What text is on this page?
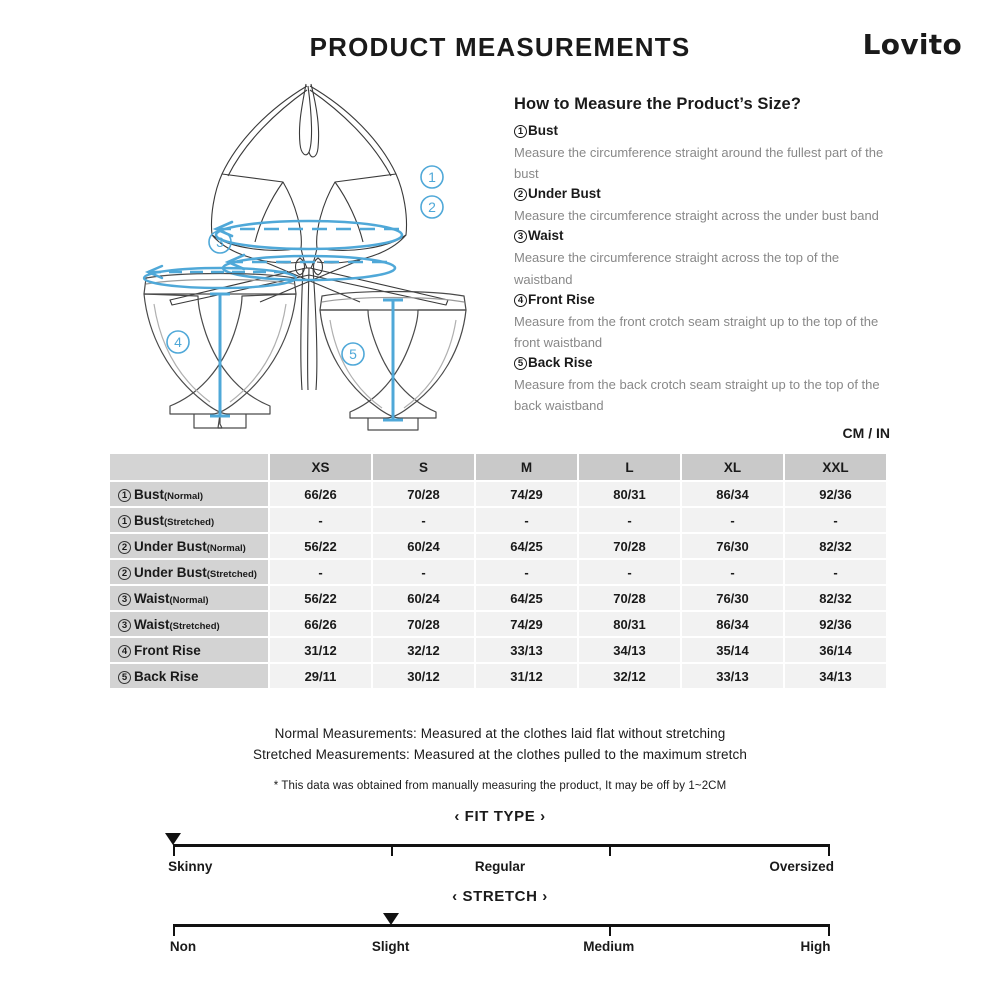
PRODUCT MEASUREMENTS	Lovito
1
2
3
4
5
How to Measure the Product’s Size?
1 Bust
Measure the circumference straight around the fullest part of the bust
2 Under Bust
Measure the circumference straight across the under bust band
3 Waist
Measure the circumference straight across the top of the waistband
4 Front Rise
Measure from the front crotch seam straight up to the top of the front waistband
5 Back Rise
Measure from the back crotch seam straight up to the top of the back waistband
CM / IN
	XS	S	M	L	XL	XXL
1 Bust(Normal)	66/26	70/28	74/29	80/31	86/34	92/36
1 Bust(Stretched)	-	-	-	-	-	-
2 Under Bust(Normal)	56/22	60/24	64/25	70/28	76/30	82/32
2 Under Bust(Stretched)	-	-	-	-	-	-
3 Waist(Normal)	56/22	60/24	64/25	70/28	76/30	82/32
3 Waist(Stretched)	66/26	70/28	74/29	80/31	86/34	92/36
4 Front Rise	31/12	32/12	33/13	34/13	35/14	36/14
5 Back Rise	29/11	30/12	31/12	32/12	33/13	34/13
Normal Measurements: Measured at the clothes laid flat without stretching
Stretched Measurements: Measured at the clothes pulled to the maximum stretch
* This data was obtained from manually measuring the product, It may be off by 1~2CM
‹ FIT TYPE ›
Skinny	Regular	Oversized
‹ STRETCH ›
Non	Slight	Medium	High
